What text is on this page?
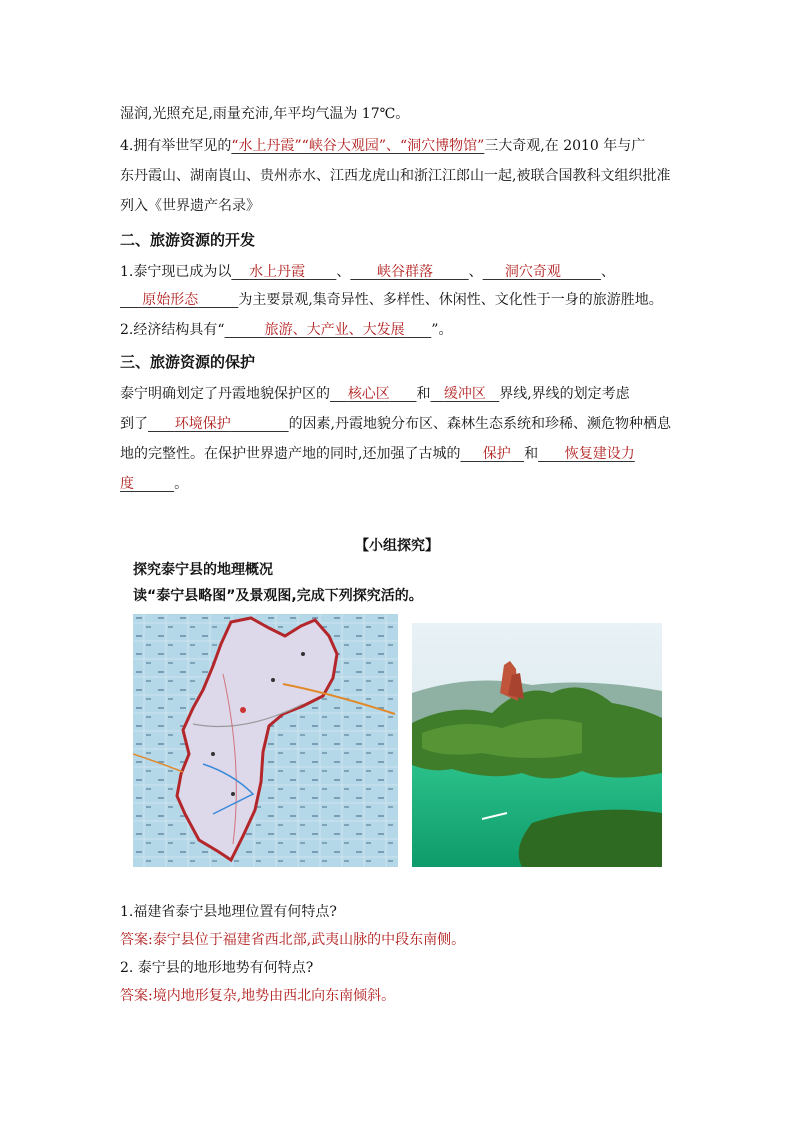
湿润,光照充足,雨量充沛,年平均气温为 17℃。
4.拥有举世罕见的“水上丹霞”“峡谷大观园”、“洞穴博物馆”三大奇观,在 2010 年与广
东丹霞山、湖南崀山、贵州赤水、江西龙虎山和浙江江郎山一起,被联合国教科文组织批准
列入《世界遗产名录》
二、旅游资源的开发
1.泰宁现已成为以 水上丹霞 、 峡谷群落	、 洞穴奇观	、
原始形态	为主要景观,集奇异性、多样性、休闲性、文化性于一身的旅游胜地。
2.经济结构具有“	旅游、大产业、大发展 ”。
三、旅游资源的保护
泰宁明确划定了丹霞地貌保护区的 核心区 和 缓冲区 界线,界线的划定考虑
到了 环境保护	的因素,丹霞地貌分布区、森林生态系统和珍稀、濒危物种栖息
地的完整性。在保护世界遗产地的同时,还加强了古城的 保护 和 恢复建设力
度	。
【小组探究】
探究泰宁县的地理概况
读“泰宁县略图”及景观图,完成下列探究活的。
1.福建省泰宁县地理位置有何特点?
答案:泰宁县位于福建省西北部,武夷山脉的中段东南侧。
2. 泰宁县的地形地势有何特点?
答案:境内地形复杂,地势由西北向东南倾斜。
